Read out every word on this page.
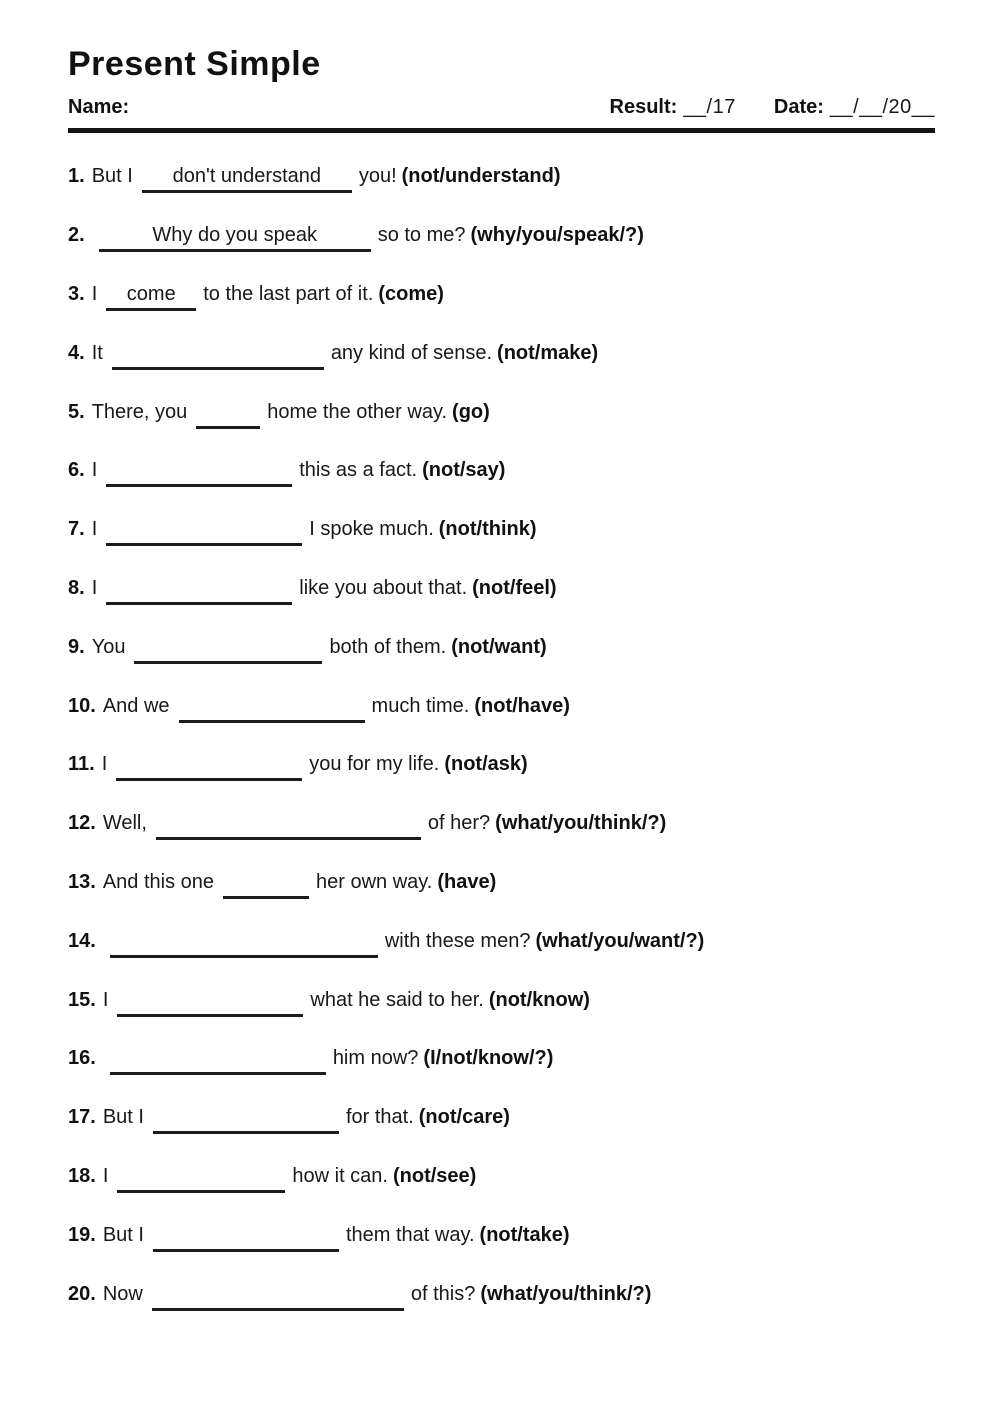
Present Simple
Name:	Result: __/17 Date: __/__/20__
1. But I don't understand you! (not/understand)
2.	Why do you speak	so to me? (why/you/speak/?)
3. I come to the last part of it. (come)
4. It	any kind of sense. (not/make)
5. There, you	home the other way. (go)
6. I	this as a fact. (not/say)
7. I	I spoke much. (not/think)
8. I	like you about that. (not/feel)
9. You	both of them. (not/want)
10. And we	much time. (not/have)
11. I	you for my life. (not/ask)
12. Well,	of her? (what/you/think/?)
13. And this one	her own way. (have)
14.	with these men? (what/you/want/?)
15. I	what he said to her. (not/know)
16.	him now? (I/not/know/?)
17. But I	for that. (not/care)
18. I	how it can. (not/see)
19. But I	them that way. (not/take)
20. Now	of this? (what/you/think/?)
